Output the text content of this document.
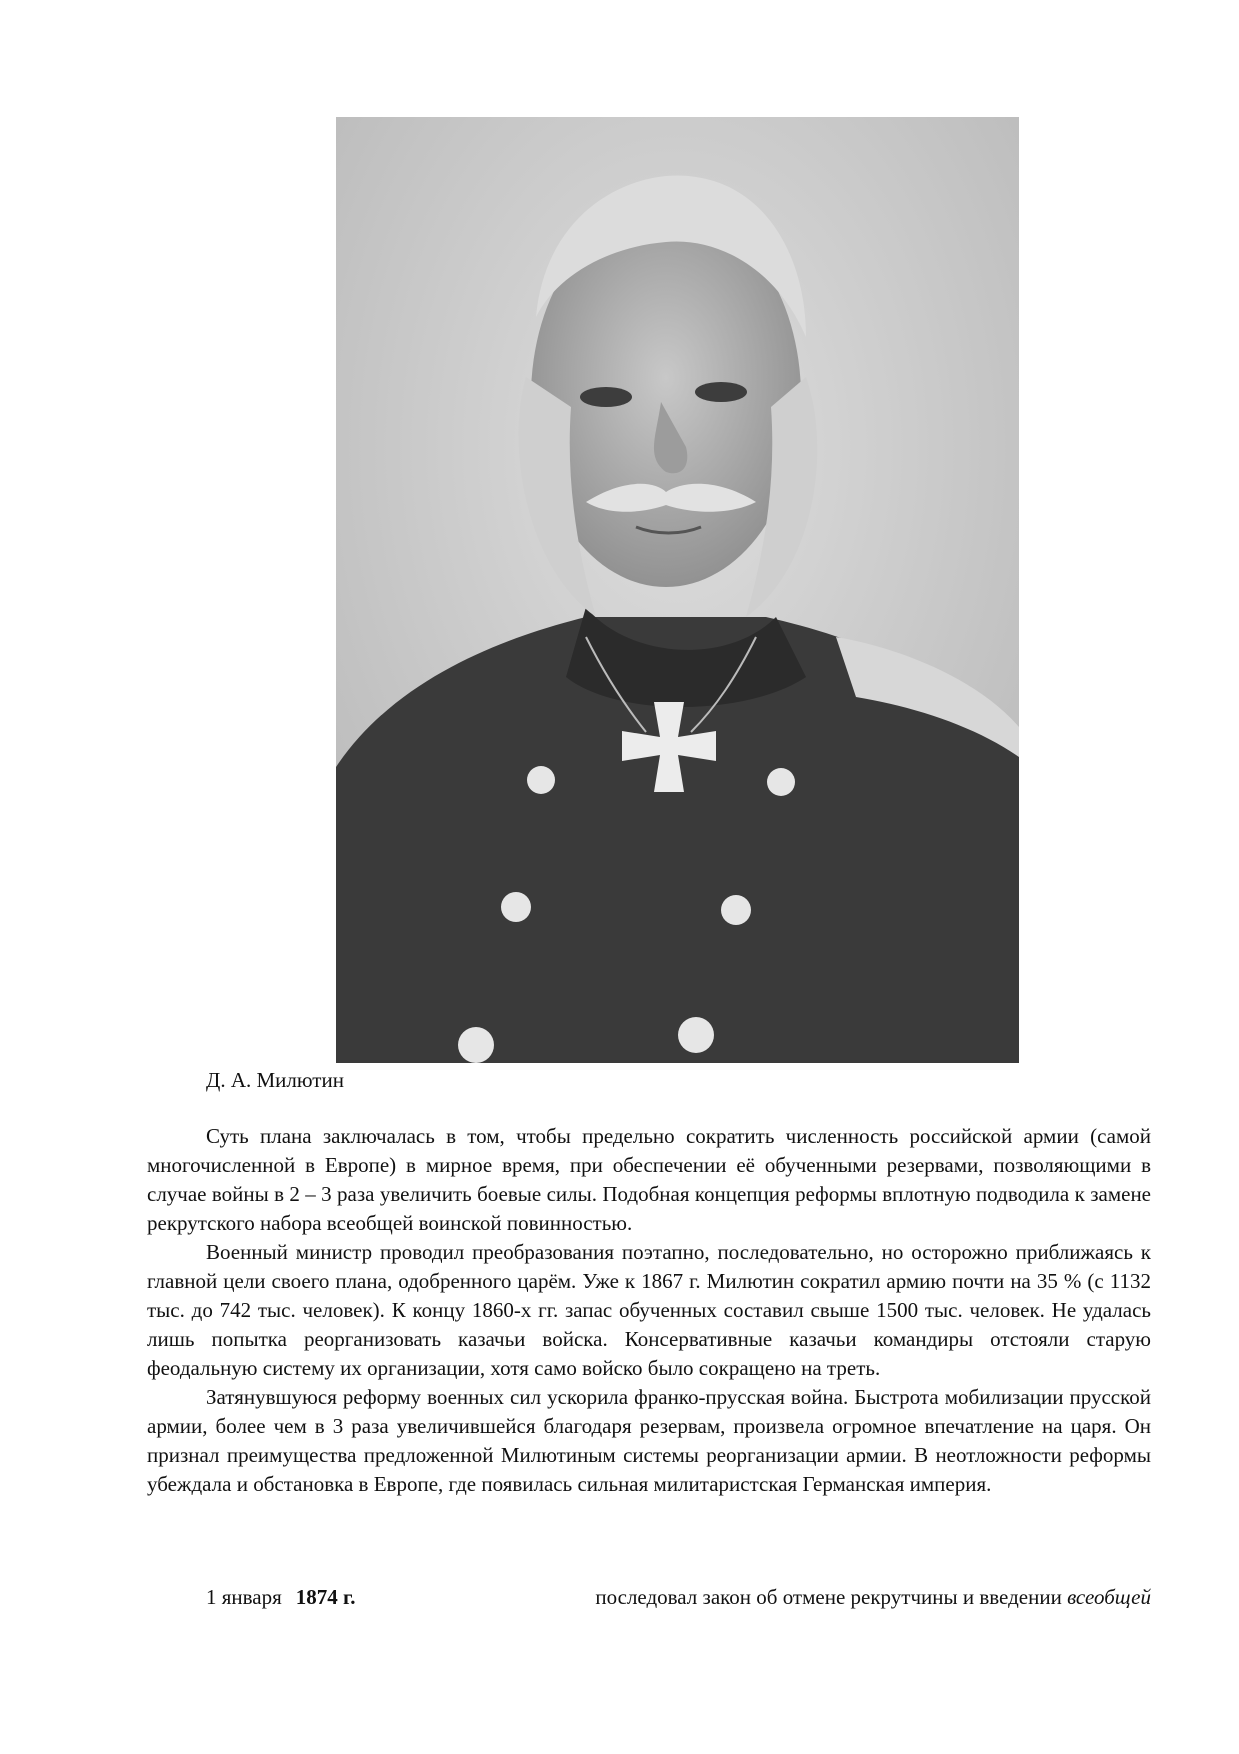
Д. А. Милютин

Суть плана заключалась в том, чтобы предельно сократить численность российской армии (самой многочисленной в Европе) в мирное время, при обеспечении её обученными резервами, позволяющими в случае войны в 2 – 3 раза увеличить боевые силы. Подобная концепция реформы вплотную подводила к замене рекрутского набора всеобщей воинской повинностью.

Военный министр проводил преобразования поэтапно, последовательно, но осторожно приближаясь к главной цели своего плана, одобренного царём. Уже к 1867 г. Милютин сократил армию почти на 35 % (с 1132 тыс. до 742 тыс. человек). К концу 1860-х гг. запас обученных составил свыше 1500 тыс. человек. Не удалась лишь попытка реорганизовать казачьи войска. Консервативные казачьи командиры отстояли старую феодальную систему их организации, хотя само войско было сокращено на треть.

Затянувшуюся реформу военных сил ускорила франко-прусская война. Быстрота мобилизации прусской армии, более чем в 3 раза увеличившейся благодаря резервам, произвела огромное впечатление на царя. Он признал преимущества предложенной Милютиным системы реорганизации армии. В неотложности реформы убеждала и обстановка в Европе, где появилась сильная милитаристская Германская империя.

1 января 1874 г.	последовал закон об отмене рекрутчины и введении всеобщей
